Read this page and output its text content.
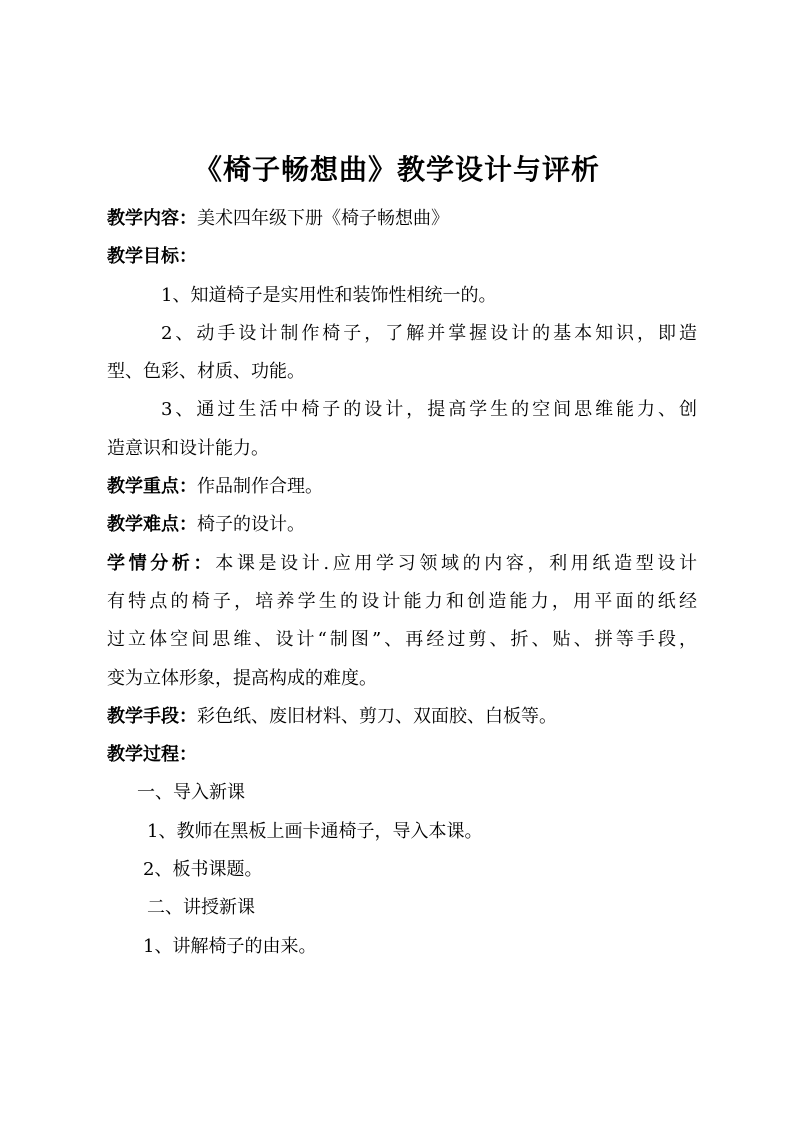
《椅子畅想曲》教学设计与评析
教学内容：美术四年级下册《椅子畅想曲》
教学目标：
1、知道椅子是实用性和装饰性相统一的。
2、动手设计制作椅子，了解并掌握设计的基本知识，即造
型、色彩、材质、功能。
3、通过生活中椅子的设计，提高学生的空间思维能力、创
造意识和设计能力。
教学重点：作品制作合理。
教学难点：椅子的设计。
学情分析：本课是设计.应用学习领域的内容，利用纸造型设计
有特点的椅子，培养学生的设计能力和创造能力，用平面的纸经
过立体空间思维、设计“制图”、再经过剪、折、贴、拼等手段，
变为立体形象，提高构成的难度。
教学手段：彩色纸、废旧材料、剪刀、双面胶、白板等。
教学过程：
一、导入新课
1、教师在黑板上画卡通椅子，导入本课。
2、板书课题。
二、讲授新课
1、讲解椅子的由来。
